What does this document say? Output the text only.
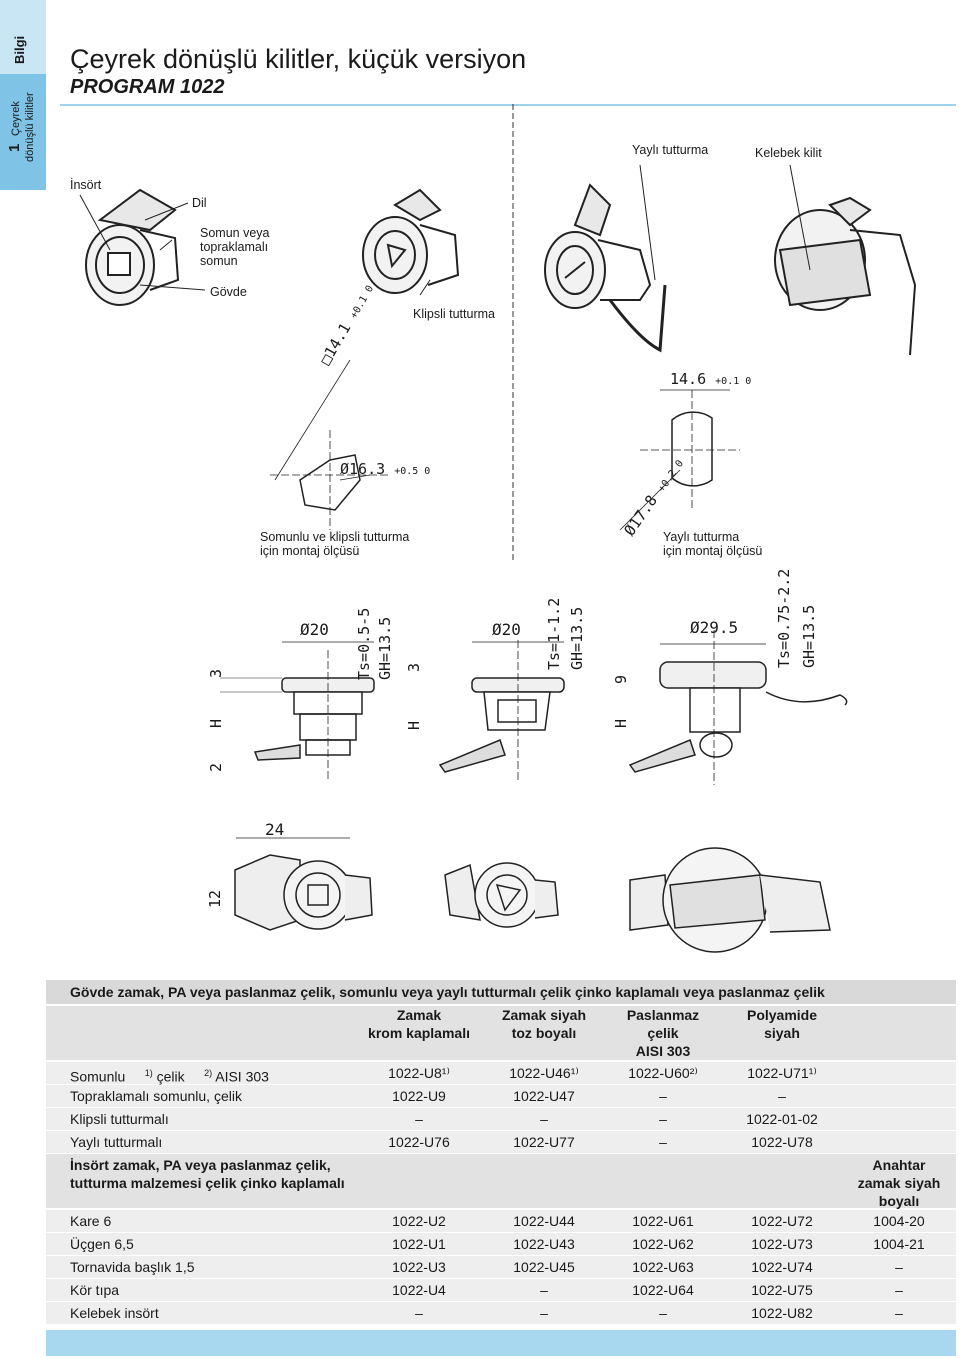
Bilgi
1
Çeyrek dönüşlü kilitler
Çeyrek dönüşlü kilitler, küçük versiyon
PROGRAM 1022
İnsört
Dil
Somun veya
topraklamalı
somun
Gövde
Klipsli tutturma
Yaylı tutturma	Kelebek kilit
□14.1 +0.1 0
Ø16.3 +0.5 0
14.6 +0.1 0
Ø17.8 +0.2 0
Somunlu ve klipsli tutturma
için montaj ölçüsü
Yaylı tutturma
için montaj ölçüsü
Ø20	Ø20	Ø29.5
Ts=0.5-5 GH=13.5	Ts=1-1.2 GH=13.5	Ts=0.75-2.2 GH=13.5
3
3
9
H	H	H
2
24
12
Gövde zamak, PA veya paslanmaz çelik, somunlu veya yaylı tutturmalı çelik çinko kaplamalı veya paslanmaz çelik
Zamak
krom kaplamalı
Zamak siyah
toz boyalı
Paslanmaz
çelik
AISI 303
Polyamide
siyah
Somunlu $^{1)}$ çelik $^{2)}$ AISI 303	1022-U8¹⁾	1022-U46¹⁾	1022-U60²⁾	1022-U71¹⁾
Topraklamalı somunlu, çelik	1022-U9	1022-U47	–	–
Klipsli tutturmalı	–	–	–	1022-01-02
Yaylı tutturmalı	1022-U76	1022-U77	–	1022-U78
İnsört zamak, PA veya paslanmaz çelik,
tutturma malzemesi çelik çinko kaplamalı
Anahtar
zamak siyah
boyalı
Kare 6	1022-U2	1022-U44	1022-U61	1022-U72	1004-20
Üçgen 6,5	1022-U1	1022-U43	1022-U62	1022-U73	1004-21
Tornavida başlık 1,5	1022-U3	1022-U45	1022-U63	1022-U74	–
Kör tıpa	1022-U4	–	1022-U64	1022-U75	–
Kelebek insört	–	–	–	1022-U82	–
